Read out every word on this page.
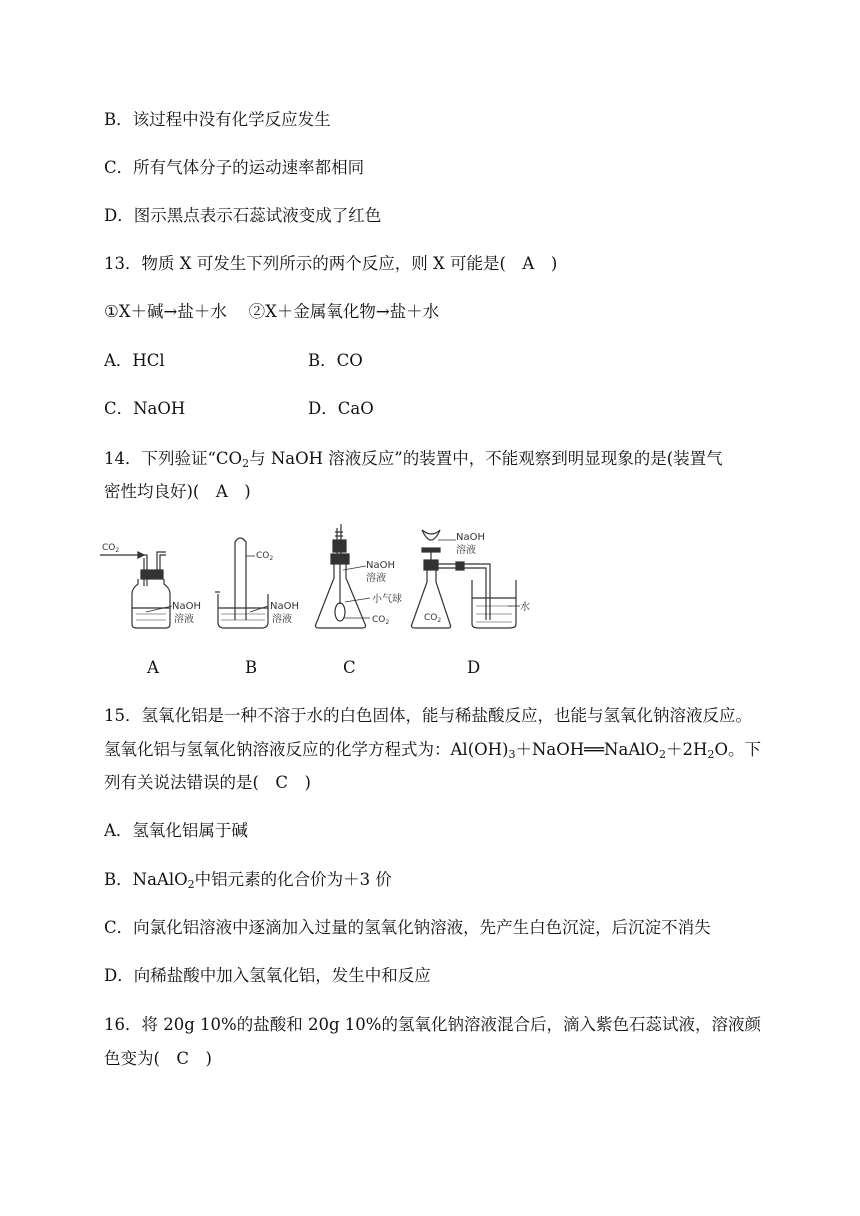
B．该过程中没有化学反应发生
C．所有气体分子的运动速率都相同
D．图示黑点表示石蕊试液变成了红色
13．物质 X 可发生下列所示的两个反应，则 X 可能是(　A　)
①X＋碱→盐＋水　 ②X＋金属氧化物→盐＋水
A．HCl	B．CO
C．NaOH	D．CaO
14．下列验证“$CO_2$与 NaOH 溶液反应”的装置中，不能观察到明显现象的是(装置气
密性均良好)(　A　)
$CO_2$
NaOH
溶液
$CO_2$
NaOH
溶液
NaOH
溶液
小气球
$CO_2$
水
NaOH
溶液
$CO_2$
A	B	C	D
15．氢氧化铝是一种不溶于水的白色固体，能与稀盐酸反应，也能与氢氧化钠溶液反应。
氢氧化铝与氢氧化钠溶液反应的化学方程式为：$Al(OH)_3+NaOH══NaAlO_2+2H_2O$。下
列有关说法错误的是(　C　)
A．氢氧化铝属于碱
B．NaAlO$_2$中铝元素的化合价为＋3 价
C．向氯化铝溶液中逐滴加入过量的氢氧化钠溶液，先产生白色沉淀，后沉淀不消失
D．向稀盐酸中加入氢氧化铝，发生中和反应
16．将 20g 10%的盐酸和 20g 10%的氢氧化钠溶液混合后，滴入紫色石蕊试液，溶液颜
色变为(　C　)
